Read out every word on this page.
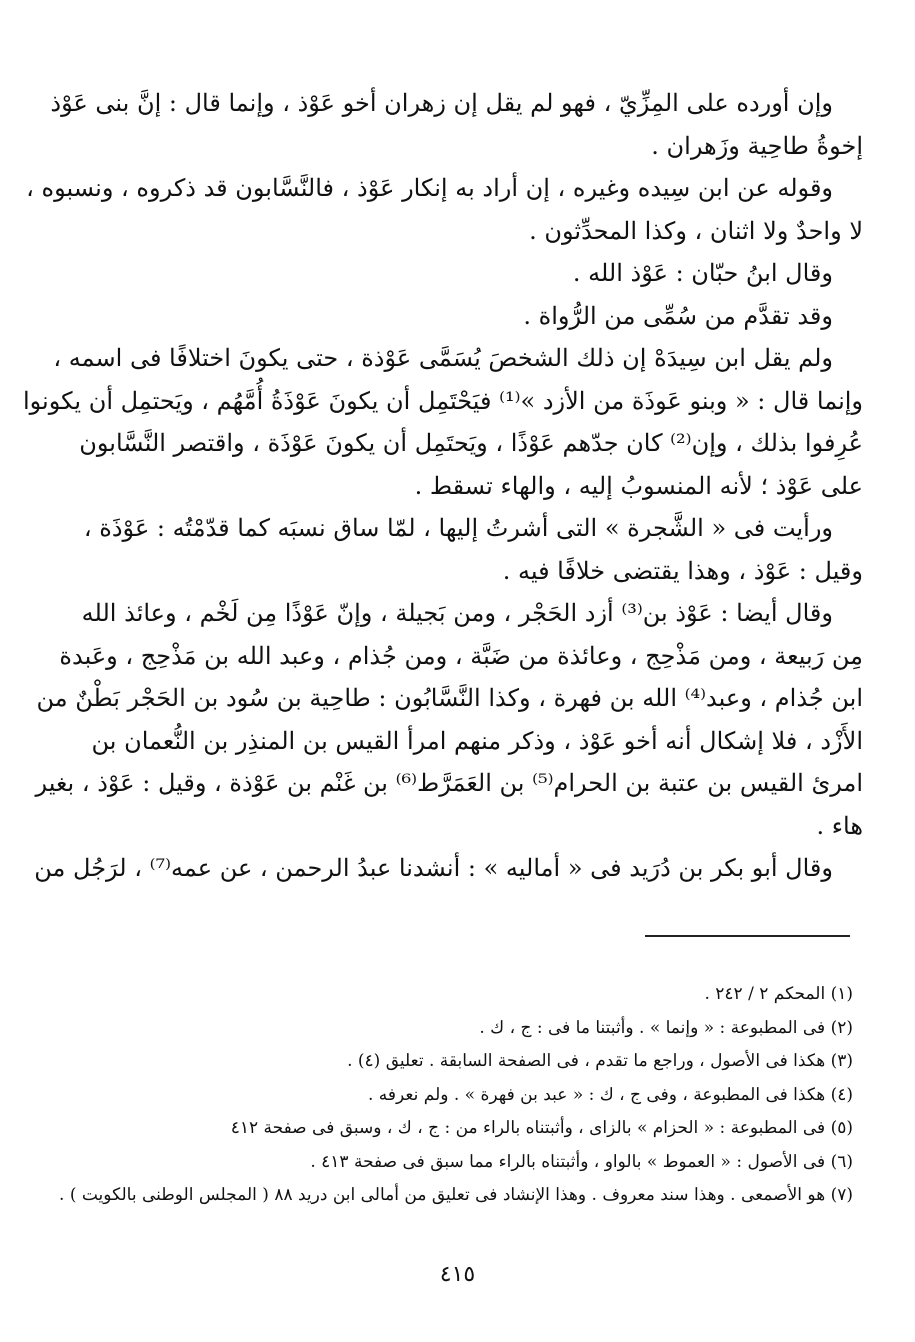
وإن أورده على المِزِّيّ ، فهو لم يقل إن زهران أخو عَوْذ ، وإنما قال : إنَّ بنى عَوْذ
إخوةُ طاحِية وزَهران .
وقوله عن ابن سِيده وغيره ، إن أراد به إنكار عَوْذ ، فالنَّسَّابون قد ذكروه ، ونسبوه ،
لا واحدٌ ولا اثنان ، وكذا المحدِّثون .
وقال ابنُ حبّان : عَوْذ الله .
وقد تقدَّم من سُمِّى من الرُّواة .
ولم يقل ابن سِيدَهْ إن ذلك الشخصَ يُسَمَّى عَوْذة ، حتى يكونَ اختلافًا فى اسمه ،
وإنما قال : « وبنو عَوذَة من الأزد »⁽¹⁾ فيَحْتَمِل أن يكونَ عَوْذَةُ أُمَّهُم ، ويَحتمِل أن يكونوا
عُرِفوا بذلك ، وإن⁽²⁾ كان جدّهم عَوْذًا ، ويَحتَمِل أن يكونَ عَوْذَة ، واقتصر النَّسَّابون
على عَوْذ ؛ لأنه المنسوبُ إليه ، والهاء تسقط .
ورأيت فى « الشَّجرة » التى أشرتُ إليها ، لمّا ساق نسبَه كما قدّمْتُه : عَوْذَة ،
وقيل : عَوْذ ، وهذا يقتضى خلافًا فيه .
وقال أيضا : عَوْذ بن⁽³⁾ أزد الحَجْر ، ومن بَجيلة ، وإنّ عَوْذًا مِن لَخْم ، وعائذ الله
مِن رَبيعة ، ومن مَذْحِج ، وعائذة من ضَبَّة ، ومن جُذام ، وعبد الله بن مَذْحِج ، وعَبدة
ابن جُذام ، وعبد⁽⁴⁾ الله بن فهرة ، وكذا النَّسَّابُون : طاحِية بن سُود بن الحَجْر بَطْنٌ من
الأَزْد ، فلا إشكال أنه أخو عَوْذ ، وذكر منهم امرأ القيس بن المنذِر بن النُّعمان بن
امرئ القيس بن عتبة بن الحرام⁽⁵⁾ بن العَمَرَّط⁽⁶⁾ بن غَنْم بن عَوْذة ، وقيل : عَوْذ ، بغير
هاء .
وقال أبو بكر بن دُرَيد فى « أماليه » : أنشدنا عبدُ الرحمن ، عن عمه⁽⁷⁾ ، لرَجُل من
(١) المحكم ٢ / ٢٤٢ .
(٢) فى المطبوعة : « وإنما » . وأثبتنا ما فى : ج ، ك .
(٣) هكذا فى الأصول ، وراجع ما تقدم ، فى الصفحة السابقة . تعليق (٤) .
(٤) هكذا فى المطبوعة ، وفى ج ، ك : « عبد بن فهرة » . ولم نعرفه .
(٥) فى المطبوعة : « الحزام » بالزاى ، وأثبتناه بالراء من : ج ، ك ، وسبق فى صفحة ٤١٢
(٦) فى الأصول : « العموط » بالواو ، وأثبتناه بالراء مما سبق فى صفحة ٤١٣ .
(٧) هو الأصمعى . وهذا سند معروف . وهذا الإنشاد فى تعليق من أمالى ابن دريد ٨٨ ( المجلس الوطنى بالكويت ) .
٤١٥
